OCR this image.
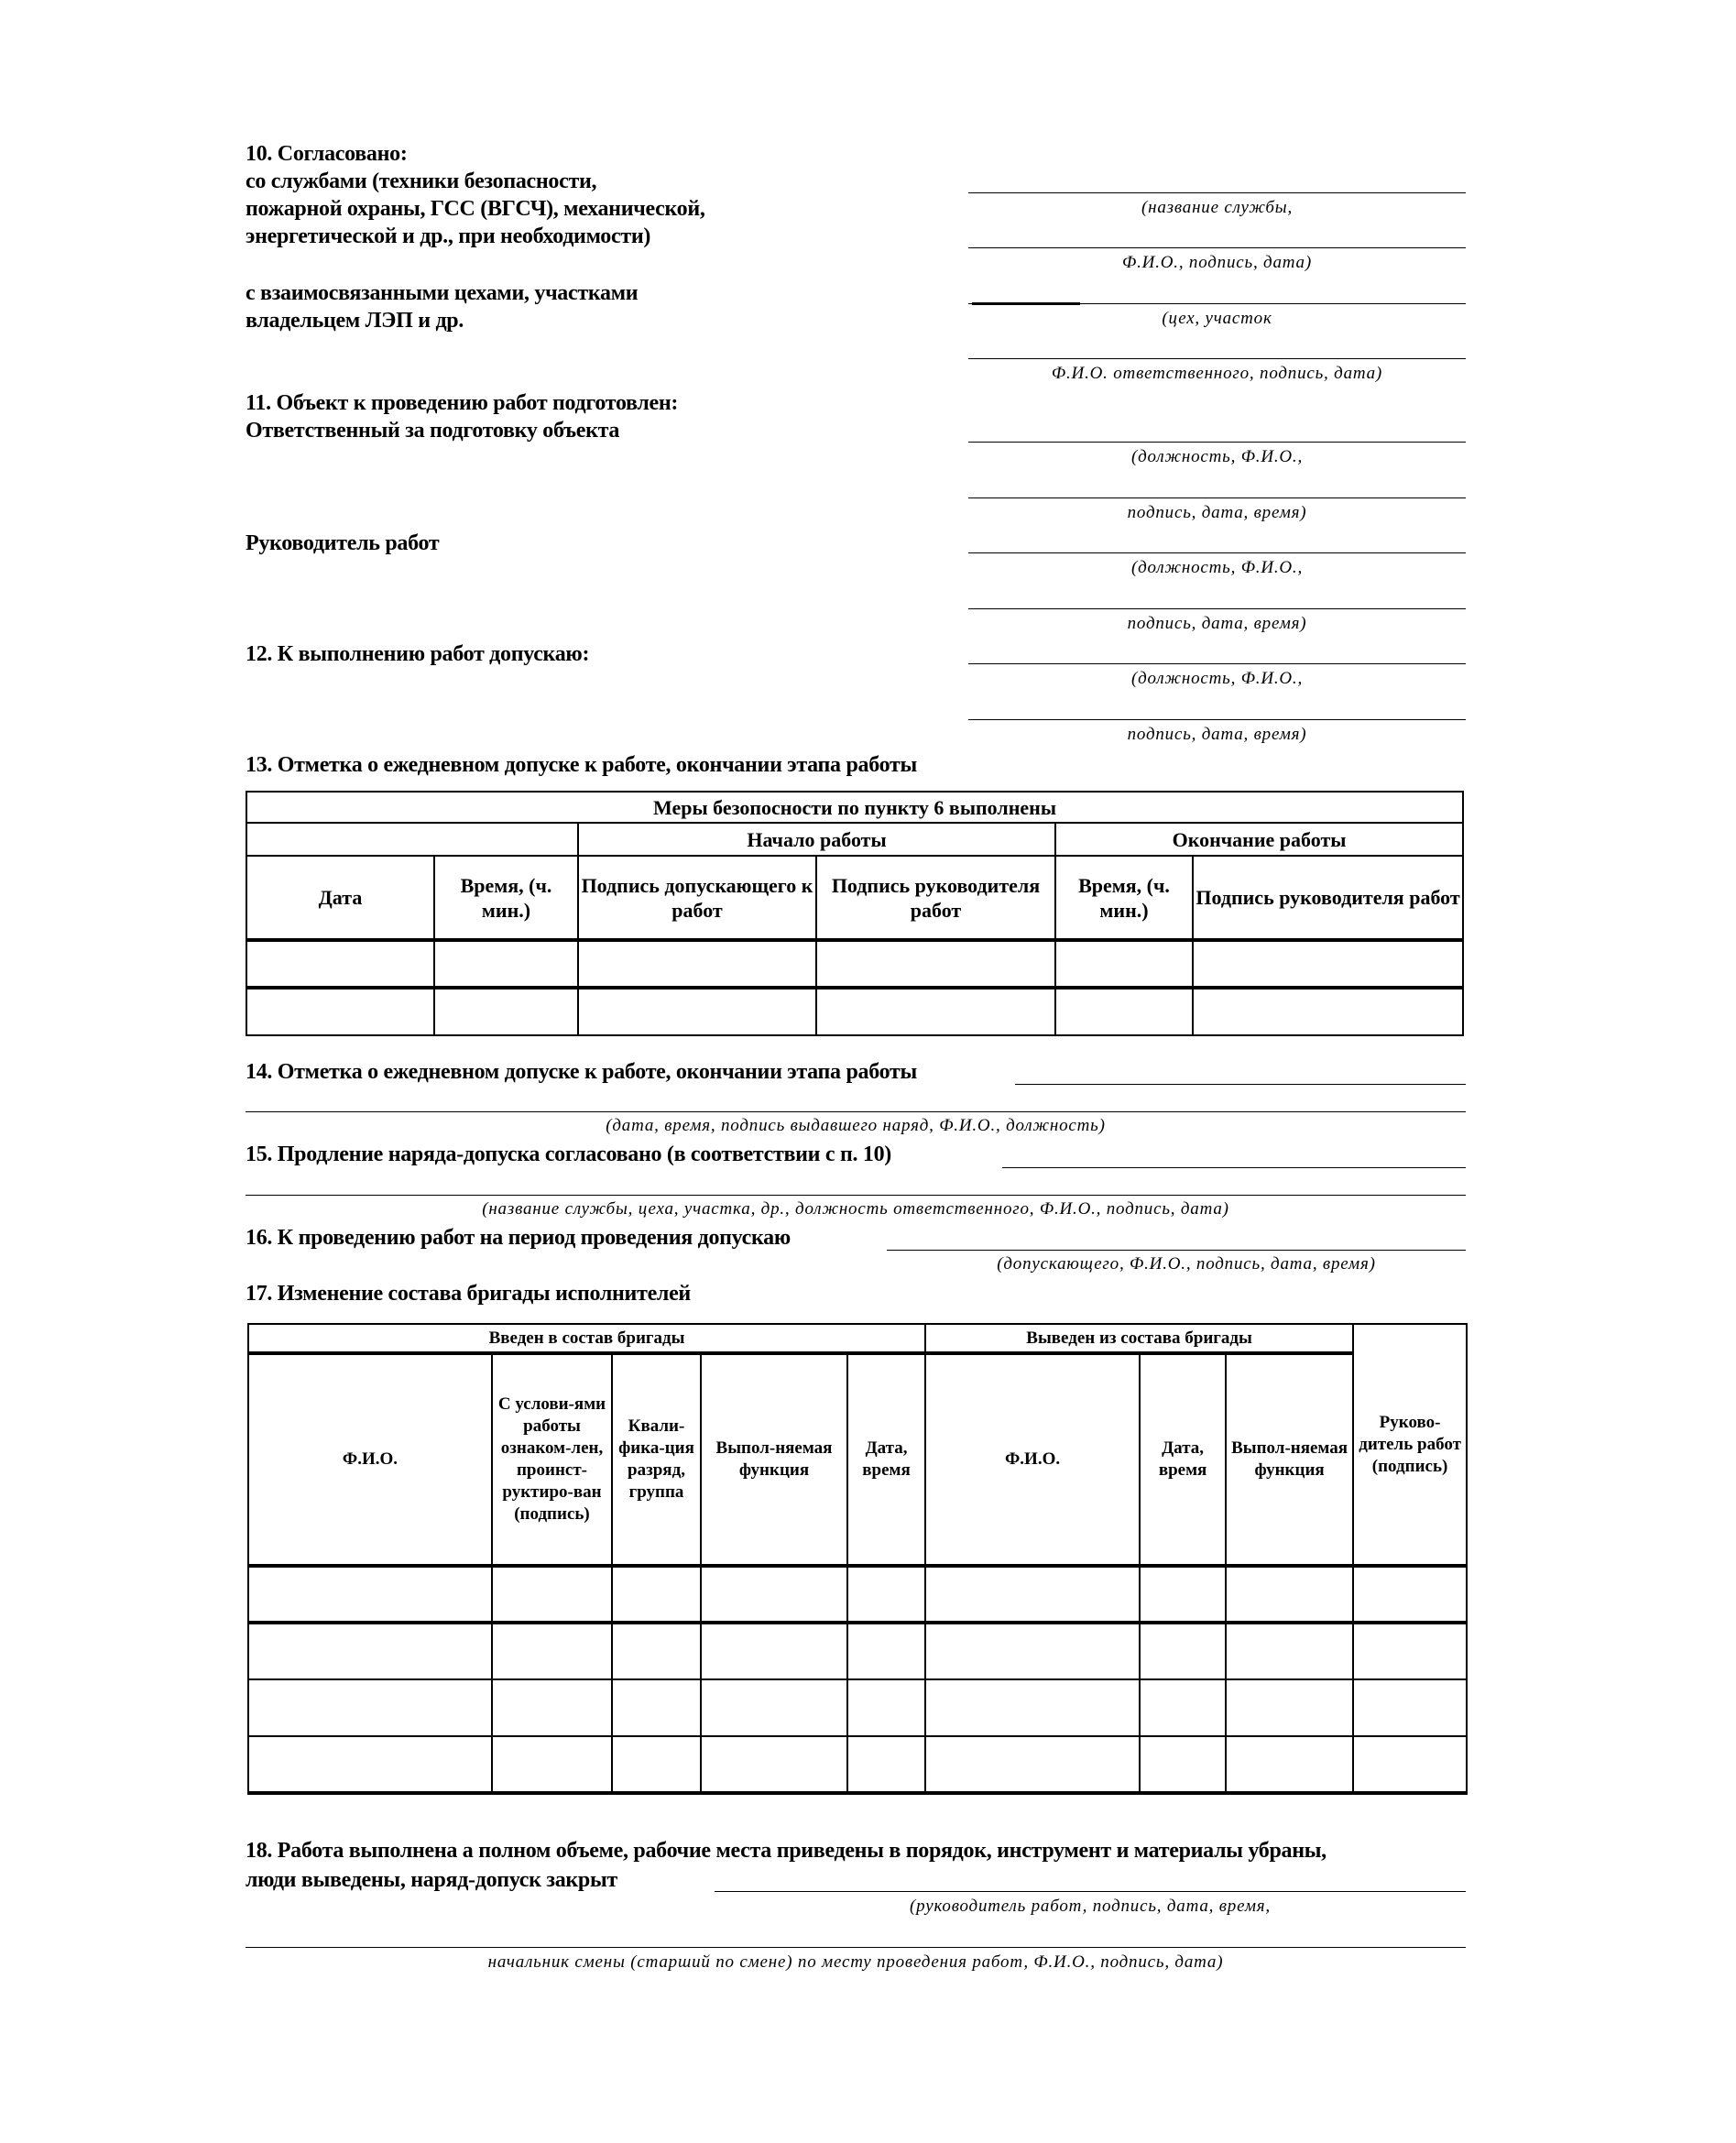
10. Согласовано:
со службами (техники безопасности,
пожарной охраны, ГСС (ВГСЧ), механической,
энергетической и др., при необходимости)
с взаимосвязанными цехами, участками
владельцем ЛЭП и др.
(название службы,
Ф.И.О., подпись, дата)
(цех, участок
Ф.И.О. ответственного, подпись, дата)
11. Объект к проведению работ подготовлен:
Ответственный за подготовку объекта
(должность, Ф.И.О.,
подпись, дата, время)
Руководитель работ
(должность, Ф.И.О.,
подпись, дата, время)
12. К выполнению работ допускаю:
(должность, Ф.И.О.,
подпись, дата, время)
13. Отметка о ежедневном допуске к работе, окончании этапа работы
Меры безопосности по пункту 6 выполнены					
		Начало работы		Окончание работы	
Дата	Время, (ч. мин.)	Подпись допускающего к работ	Подпись руководителя работ	Время, (ч. мин.)	Подпись руководителя работ

14. Отметка о ежедневном допуске к работе, окончании этапа работы
(дата, время, подпись выдавшего наряд, Ф.И.О., должность)
15. Продление наряда-допуска согласовано (в соответствии с п. 10)
(название службы, цеха, участка, др., должность ответственного, Ф.И.О., подпись, дата)
16. К проведению работ на период проведения допускаю
(допускающего, Ф.И.О., подпись, дата, время)
17. Изменение состава бригады исполнителей
Введен в состав бригады					Выведен из состава бригады			Руково-дитель работ (подпись)
Ф.И.О.	С услови-ями работы ознаком-лен, проинст-руктиро-ван (подпись)	Квали-фика-ция разряд, группа	Выпол-няемая функция	Дата, время	Ф.И.О.	Дата, время	Выпол-няемая функция	

18. Работа выполнена а полном объеме, рабочие места приведены в порядок, инструмент и материалы убраны,
люди выведены, наряд-допуск закрыт
(руководитель работ, подпись, дата, время,
начальник смены (старший по смене) по месту проведения работ, Ф.И.О., подпись, дата)
